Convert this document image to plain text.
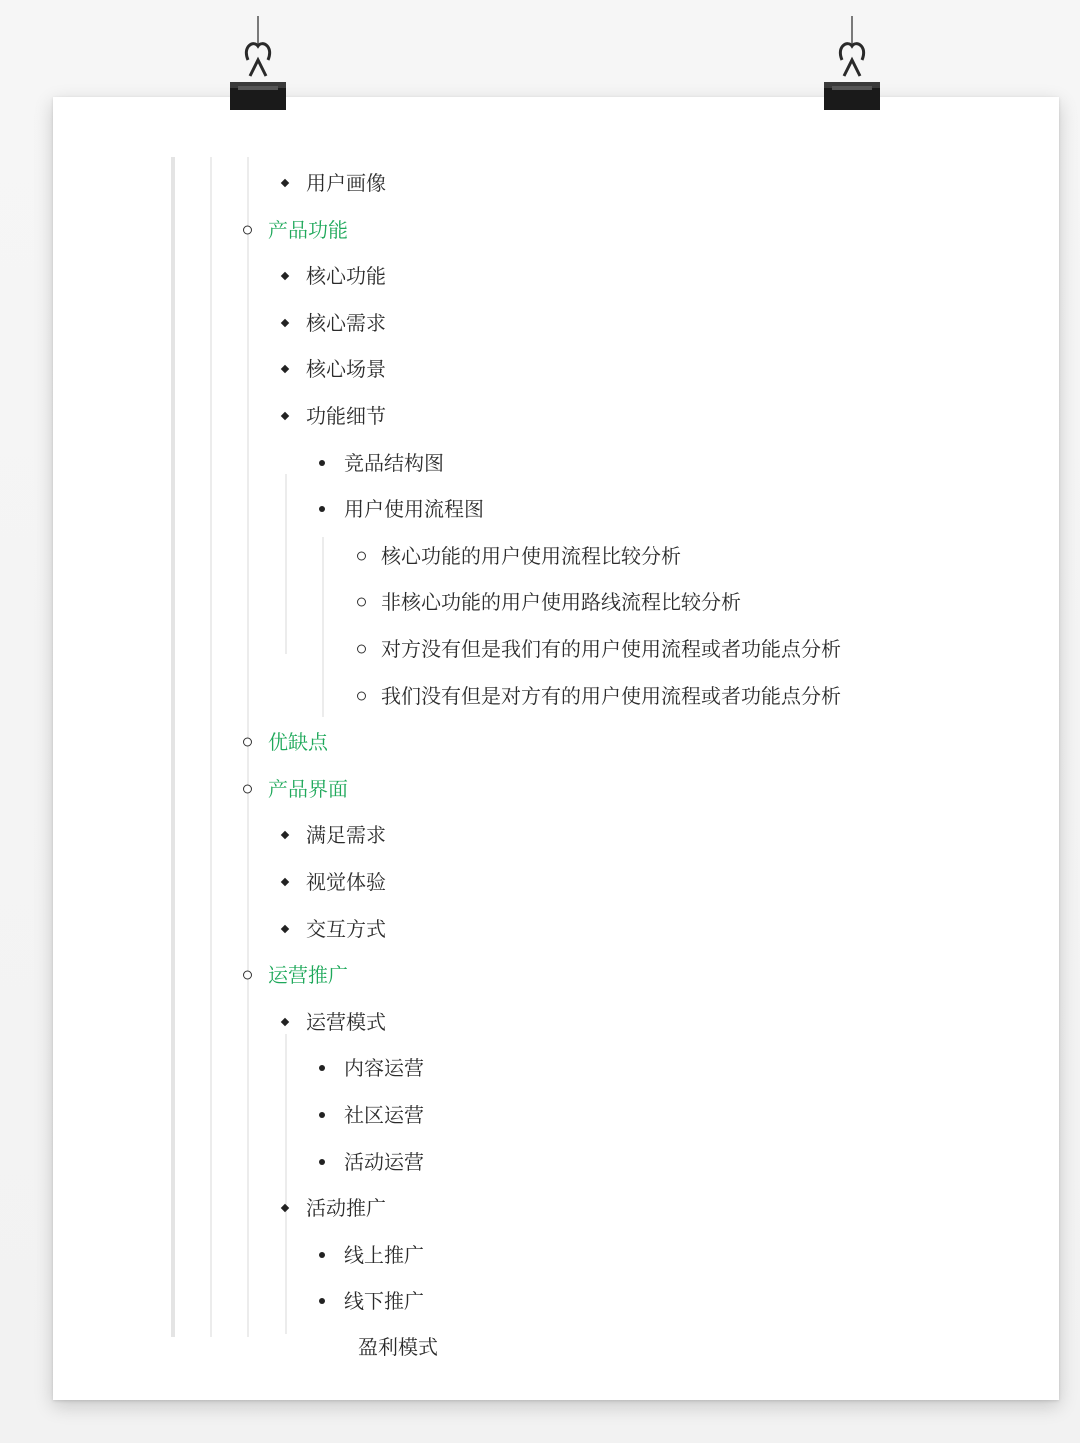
用户画像
产品功能
核心功能
核心需求
核心场景
功能细节
竞品结构图
用户使用流程图
核心功能的用户使用流程比较分析
非核心功能的用户使用路线流程比较分析
对方没有但是我们有的用户使用流程或者功能点分析
我们没有但是对方有的用户使用流程或者功能点分析
优缺点
产品界面
满足需求
视觉体验
交互方式
运营推广
运营模式
内容运营
社区运营
活动运营
活动推广
线上推广
线下推广
盈利模式
